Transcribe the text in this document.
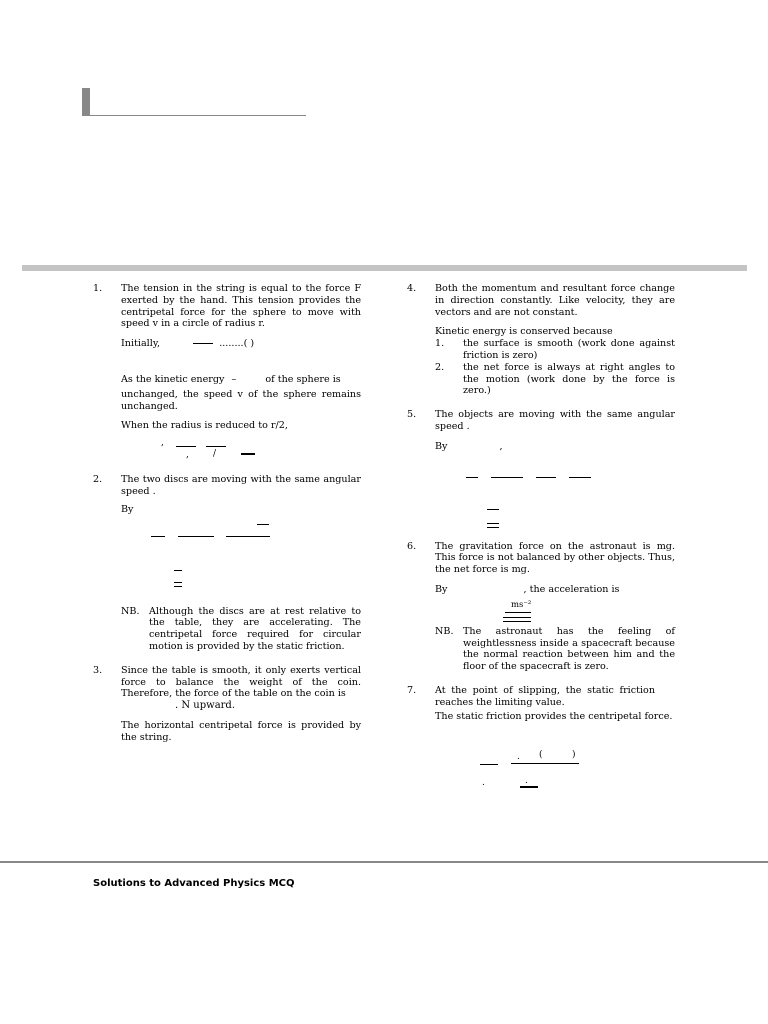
1. The tension in the string is equal to the force F exerted by the hand. This tension provides the centripetal force for the sphere to move with speed v in a circle of radius r.

Initially,	........( )

As the kinetic energy –	of the sphere is

unchanged, the speed v of the sphere remains unchanged.

When the radius is reduced to r/2,

,
,	/
2. The two discs are moving with the same angular speed .

By

NB. Although the discs are at rest relative to the table, they are accelerating. The centripetal force required for circular motion is provided by the static friction.

3. Since the table is smooth, it only exerts vertical force to balance the weight of the coin. Therefore, the force of the table on the coin is

. N upward.

The horizontal centripetal force is provided by the string.

4. Both the momentum and resultant force change in direction constantly. Like velocity, they are vectors and are not constant.

Kinetic energy is conserved because

1. the surface is smooth (work done against friction is zero)

2. the net force is always at right angles to the motion (work done by the force is zero.)

5. The objects are moving with the same angular speed .

By	,

6. The gravitation force on the astronaut is mg. This force is not balanced by other objects. Thus, the net force is mg.

By	, the acceleration is

ms⁻²
NB. The astronaut has the feeling of weightlessness inside a spacecraft because the normal reaction between him and the floor of the spacecraft is zero.

7. At the point of slipping, the static friction reaches the limiting value.

The static friction provides the centripetal force.

. (	)
.	.
Solutions to Advanced Physics MCQ
